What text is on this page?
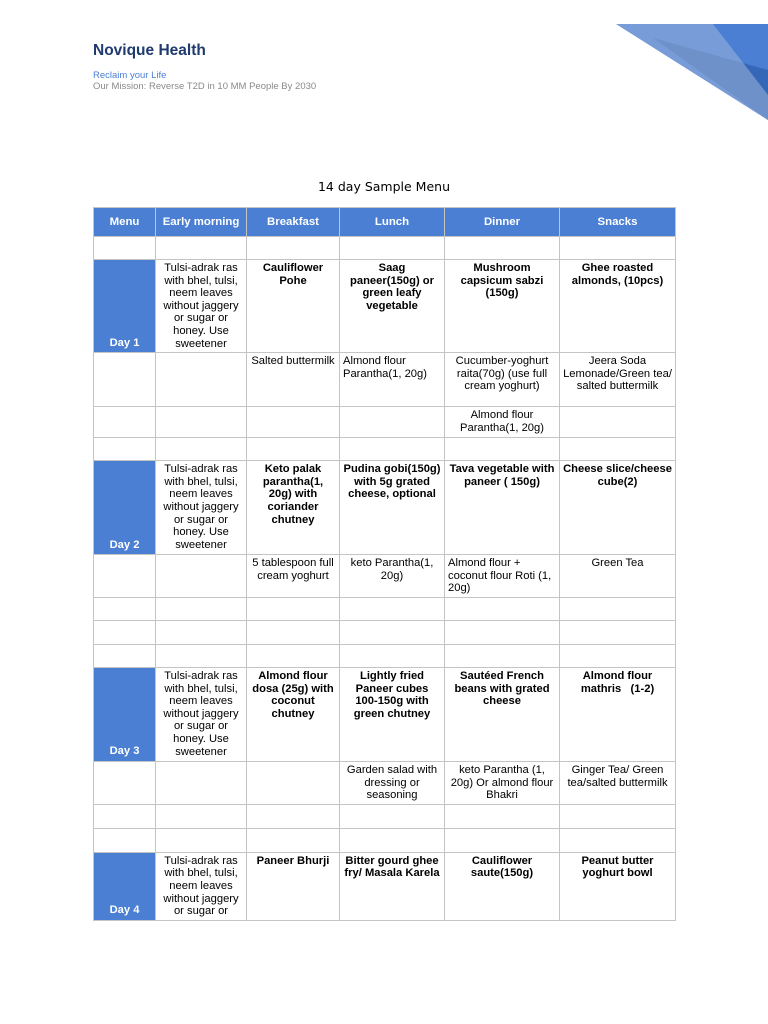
Novique Health
Reclaim your Life
Our Mission: Reverse T2D in 10 MM People By 2030
14 day Sample Menu
Menu	Early morning	Breakfast	Lunch	Dinner	Snacks

Day 1	Tulsi-adrak ras with bhel, tulsi, neem leaves without jaggery or sugar or honey. Use sweetener	Cauliflower Pohe	Saag paneer(150g) or green leafy vegetable	Mushroom capsicum sabzi (150g)	Ghee roasted almonds, (10pcs)
		Salted buttermilk	Almond flour Parantha(1, 20g)	Cucumber-yoghurt raita(70g) (use full cream yoghurt)	Jeera Soda Lemonade/Green tea/ salted buttermilk
				Almond flour Parantha(1, 20g)	

Day 2	Tulsi-adrak ras with bhel, tulsi, neem leaves without jaggery or sugar or honey. Use sweetener	Keto palak parantha(1, 20g) with coriander chutney	Pudina gobi(150g) with 5g grated cheese, optional	Tava vegetable with paneer ( 150g)	Cheese slice/cheese cube(2)
		5 tablespoon full cream yoghurt	keto Parantha(1, 20g)	Almond flour + coconut flour Roti (1, 20g)	Green Tea

Day 3	Tulsi-adrak ras with bhel, tulsi, neem leaves without jaggery or sugar or honey. Use sweetener	Almond flour dosa (25g) with coconut chutney	Lightly fried Paneer cubes 100-150g with green chutney	Sautéed French beans with grated cheese	Almond flour mathris   (1-2)
			Garden salad with dressing or seasoning	keto Parantha (1, 20g) Or almond flour Bhakri	Ginger Tea/ Green tea/salted buttermilk

Day 4	Tulsi-adrak ras with bhel, tulsi, neem leaves without jaggery or sugar or	Paneer Bhurji	Bitter gourd ghee fry/ Masala Karela	Cauliflower saute(150g)	Peanut butter yoghurt bowl
